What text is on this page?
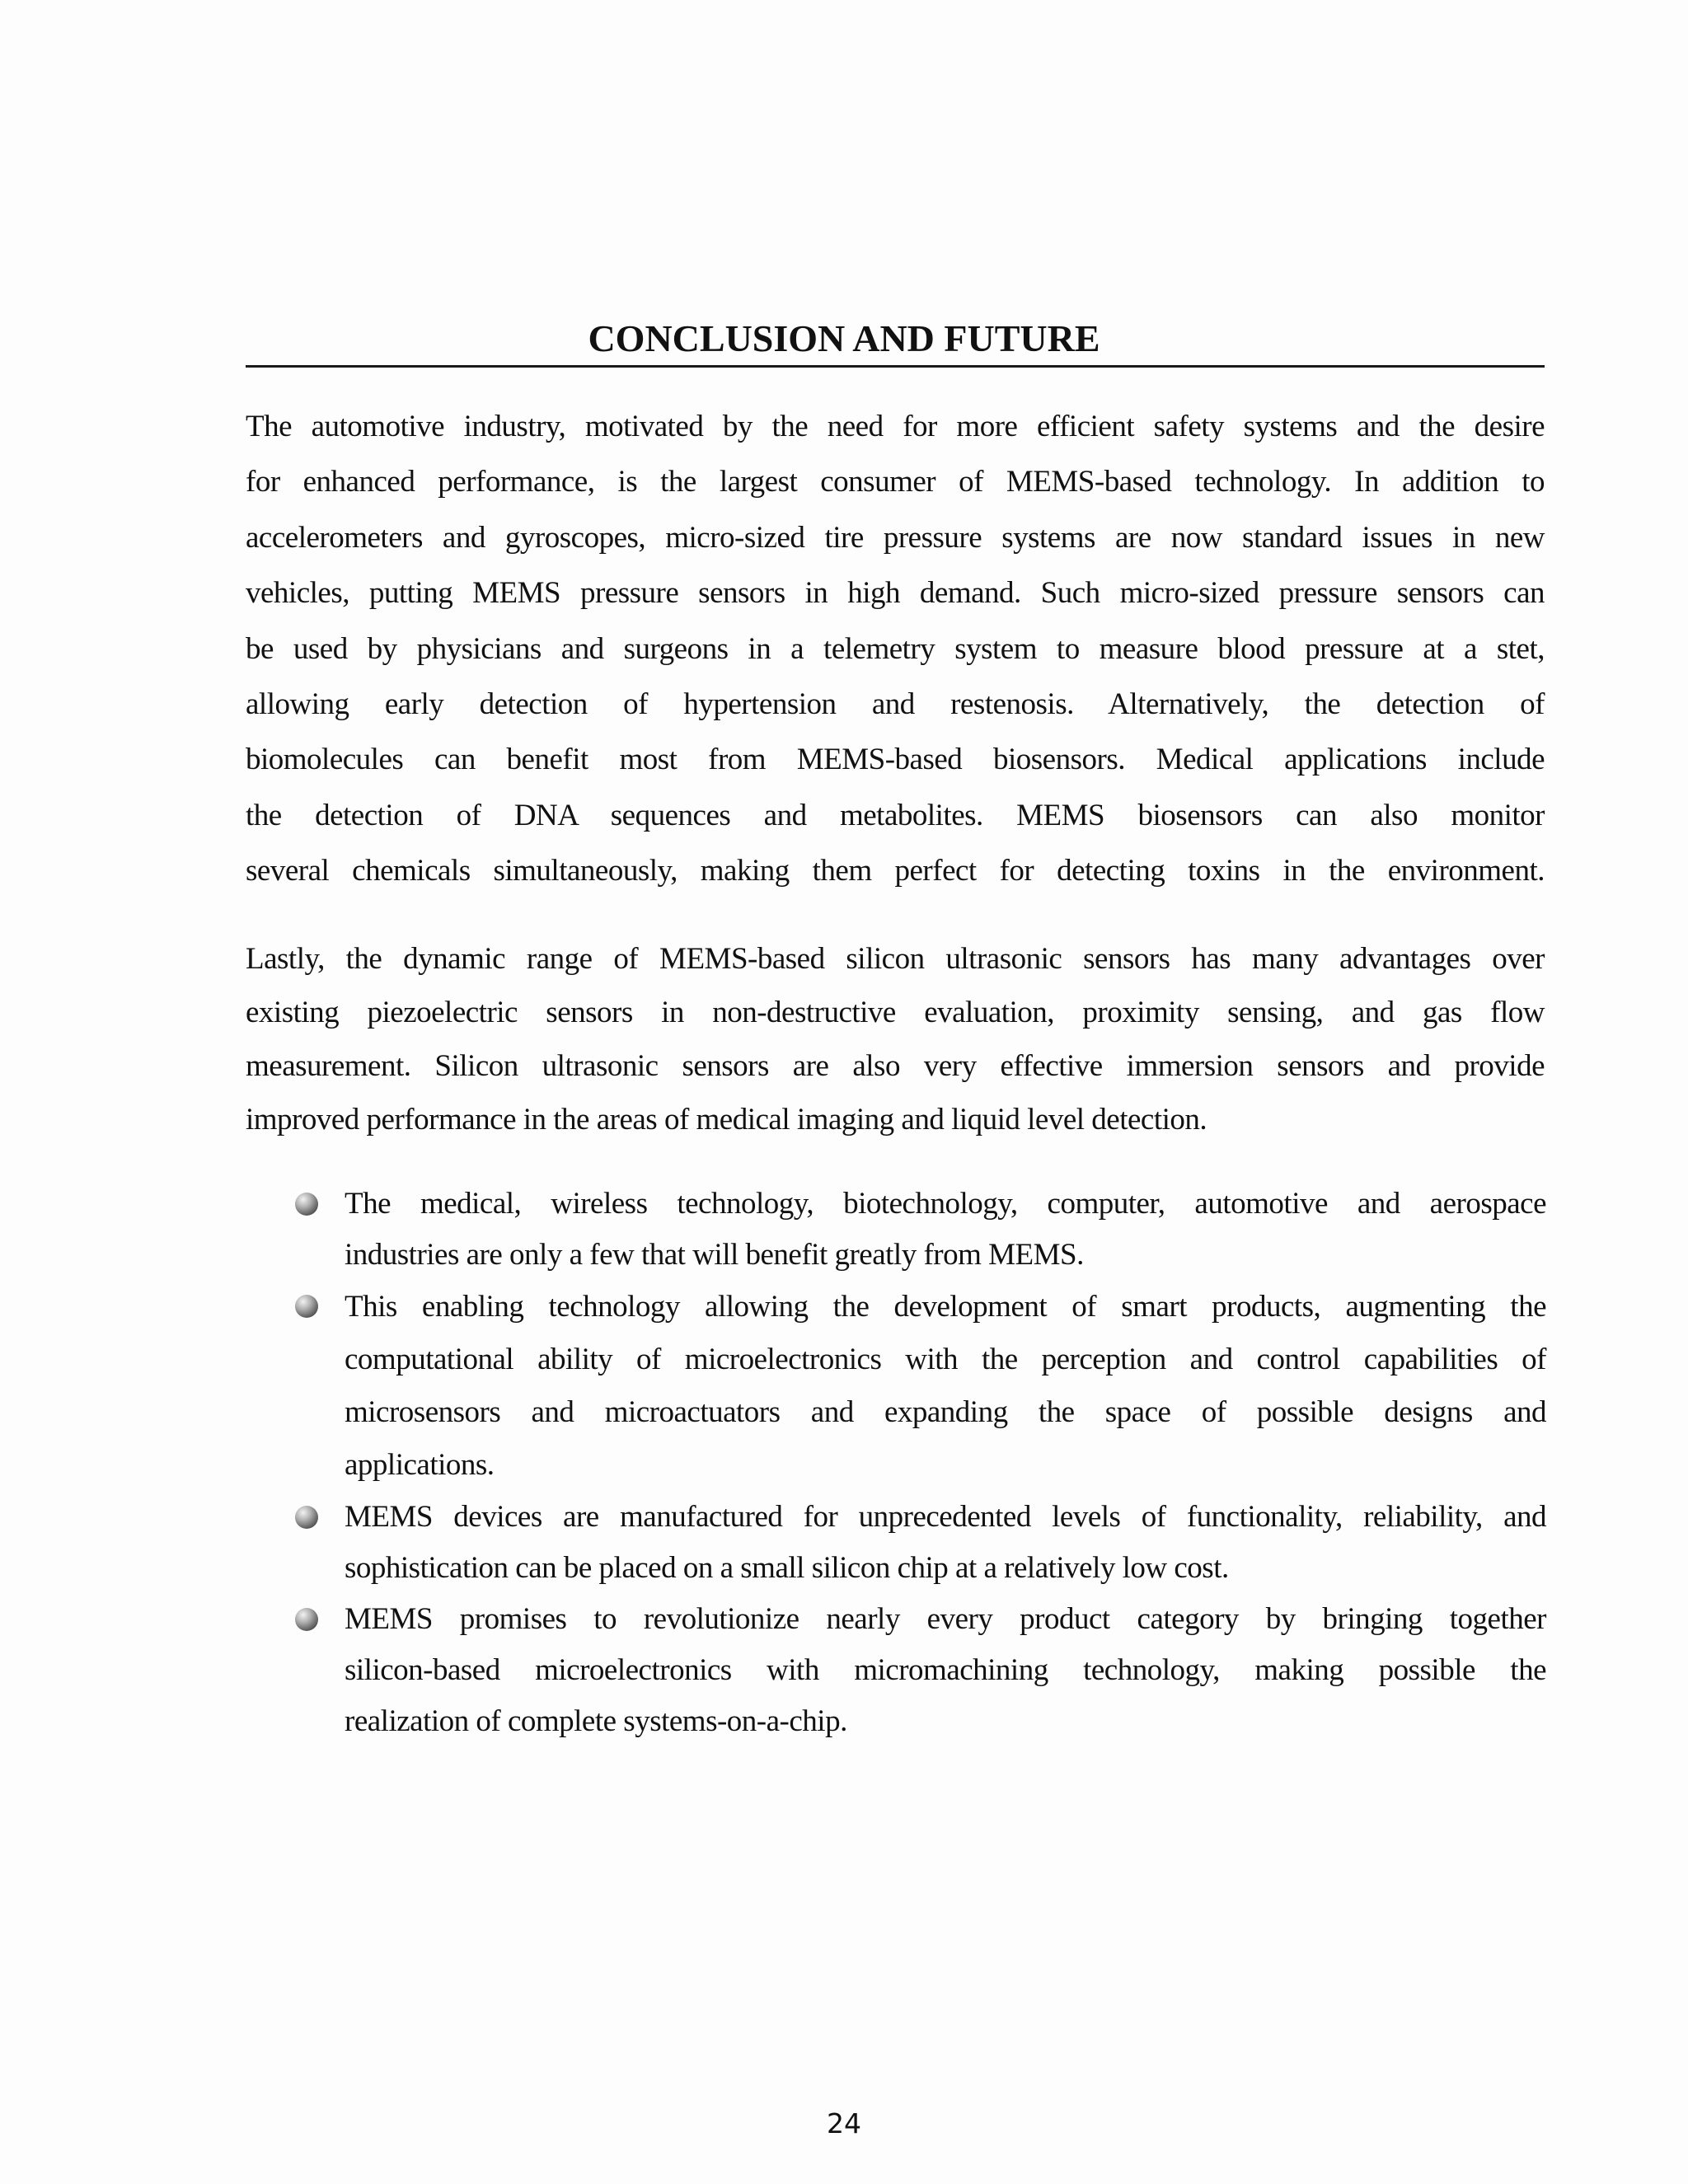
CONCLUSION AND FUTURE

The automotive industry, motivated by the need for more efficient safety systems and the desire
for enhanced performance, is the largest consumer of MEMS-based technology. In addition to
accelerometers and gyroscopes, micro-sized tire pressure systems are now standard issues in new
vehicles, putting MEMS pressure sensors in high demand. Such micro-sized pressure sensors can
be used by physicians and surgeons in a telemetry system to measure blood pressure at a stet,
allowing early detection of hypertension and restenosis. Alternatively, the detection of
biomolecules can benefit most from MEMS-based biosensors. Medical applications include
the detection of DNA sequences and metabolites. MEMS biosensors can also monitor
several chemicals simultaneously, making them perfect for detecting toxins in the environment.

Lastly, the dynamic range of MEMS-based silicon ultrasonic sensors has many advantages over
existing piezoelectric sensors in non-destructive evaluation, proximity sensing, and gas flow
measurement. Silicon ultrasonic sensors are also very effective immersion sensors and provide
improved performance in the areas of medical imaging and liquid level detection.

The medical, wireless technology, biotechnology, computer, automotive and aerospace
industries are only a few that will benefit greatly from MEMS.
This enabling technology allowing the development of smart products, augmenting the
computational ability of microelectronics with the perception and control capabilities of
microsensors and microactuators and expanding the space of possible designs and
applications.
MEMS devices are manufactured for unprecedented levels of functionality, reliability, and
sophistication can be placed on a small silicon chip at a relatively low cost.
MEMS promises to revolutionize nearly every product category by bringing together
silicon-based microelectronics with micromachining technology, making possible the
realization of complete systems-on-a-chip.
24
